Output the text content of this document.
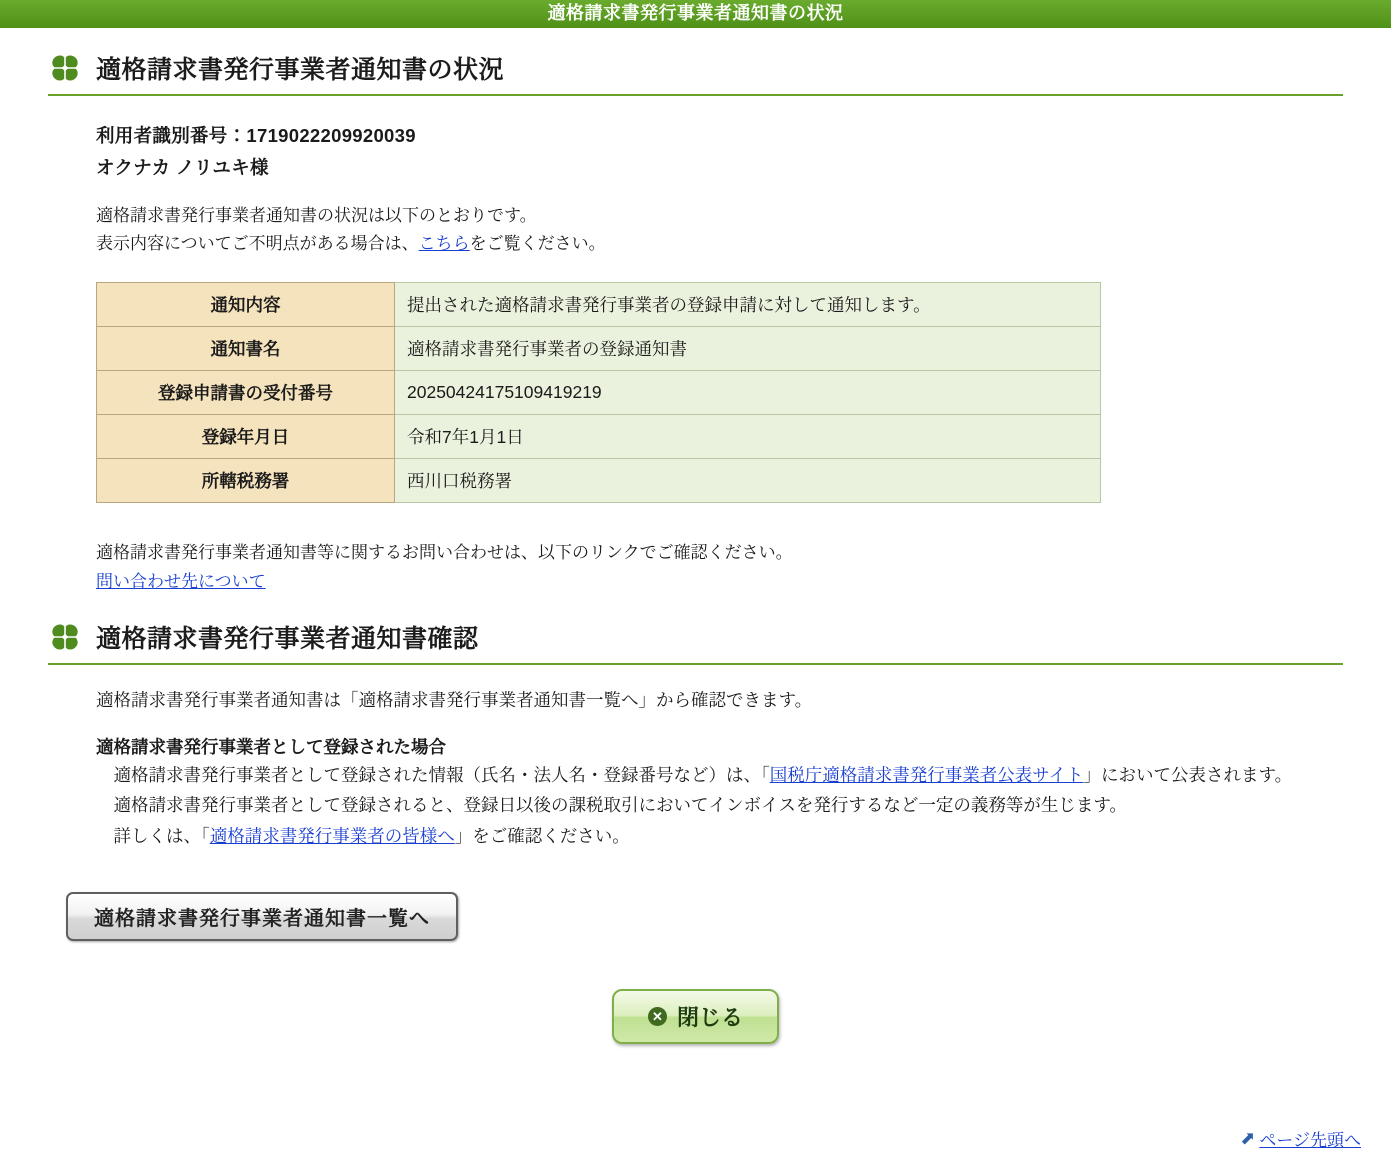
適格請求書発行事業者通知書の状況
適格請求書発行事業者通知書の状況
利用者識別番号：1719022209920039
オクナカ ノリユキ様
適格請求書発行事業者通知書の状況は以下のとおりです。
表示内容についてご不明点がある場合は、こちらをご覧ください。
通知内容	提出された適格請求書発行事業者の登録申請に対して通知します。
通知書名	適格請求書発行事業者の登録通知書
登録申請書の受付番号	20250424175109419219
登録年月日	令和7年1月1日
所轄税務署	西川口税務署
適格請求書発行事業者通知書等に関するお問い合わせは、以下のリンクでご確認ください。
問い合わせ先について
適格請求書発行事業者通知書確認
適格請求書発行事業者通知書は「適格請求書発行事業者通知書一覧へ」から確認できます。
適格請求書発行事業者として登録された場合
適格請求書発行事業者として登録された情報（氏名・法人名・登録番号など）は、「国税庁適格請求書発行事業者公表サイト」において公表されます。
適格請求書発行事業者として登録されると、登録日以後の課税取引においてインボイスを発行するなど一定の義務等が生じます。
詳しくは、「適格請求書発行事業者の皆様へ」をご確認ください。
適格請求書発行事業者通知書一覧へ
✕ 閉じる
⬈ ページ先頭へ
